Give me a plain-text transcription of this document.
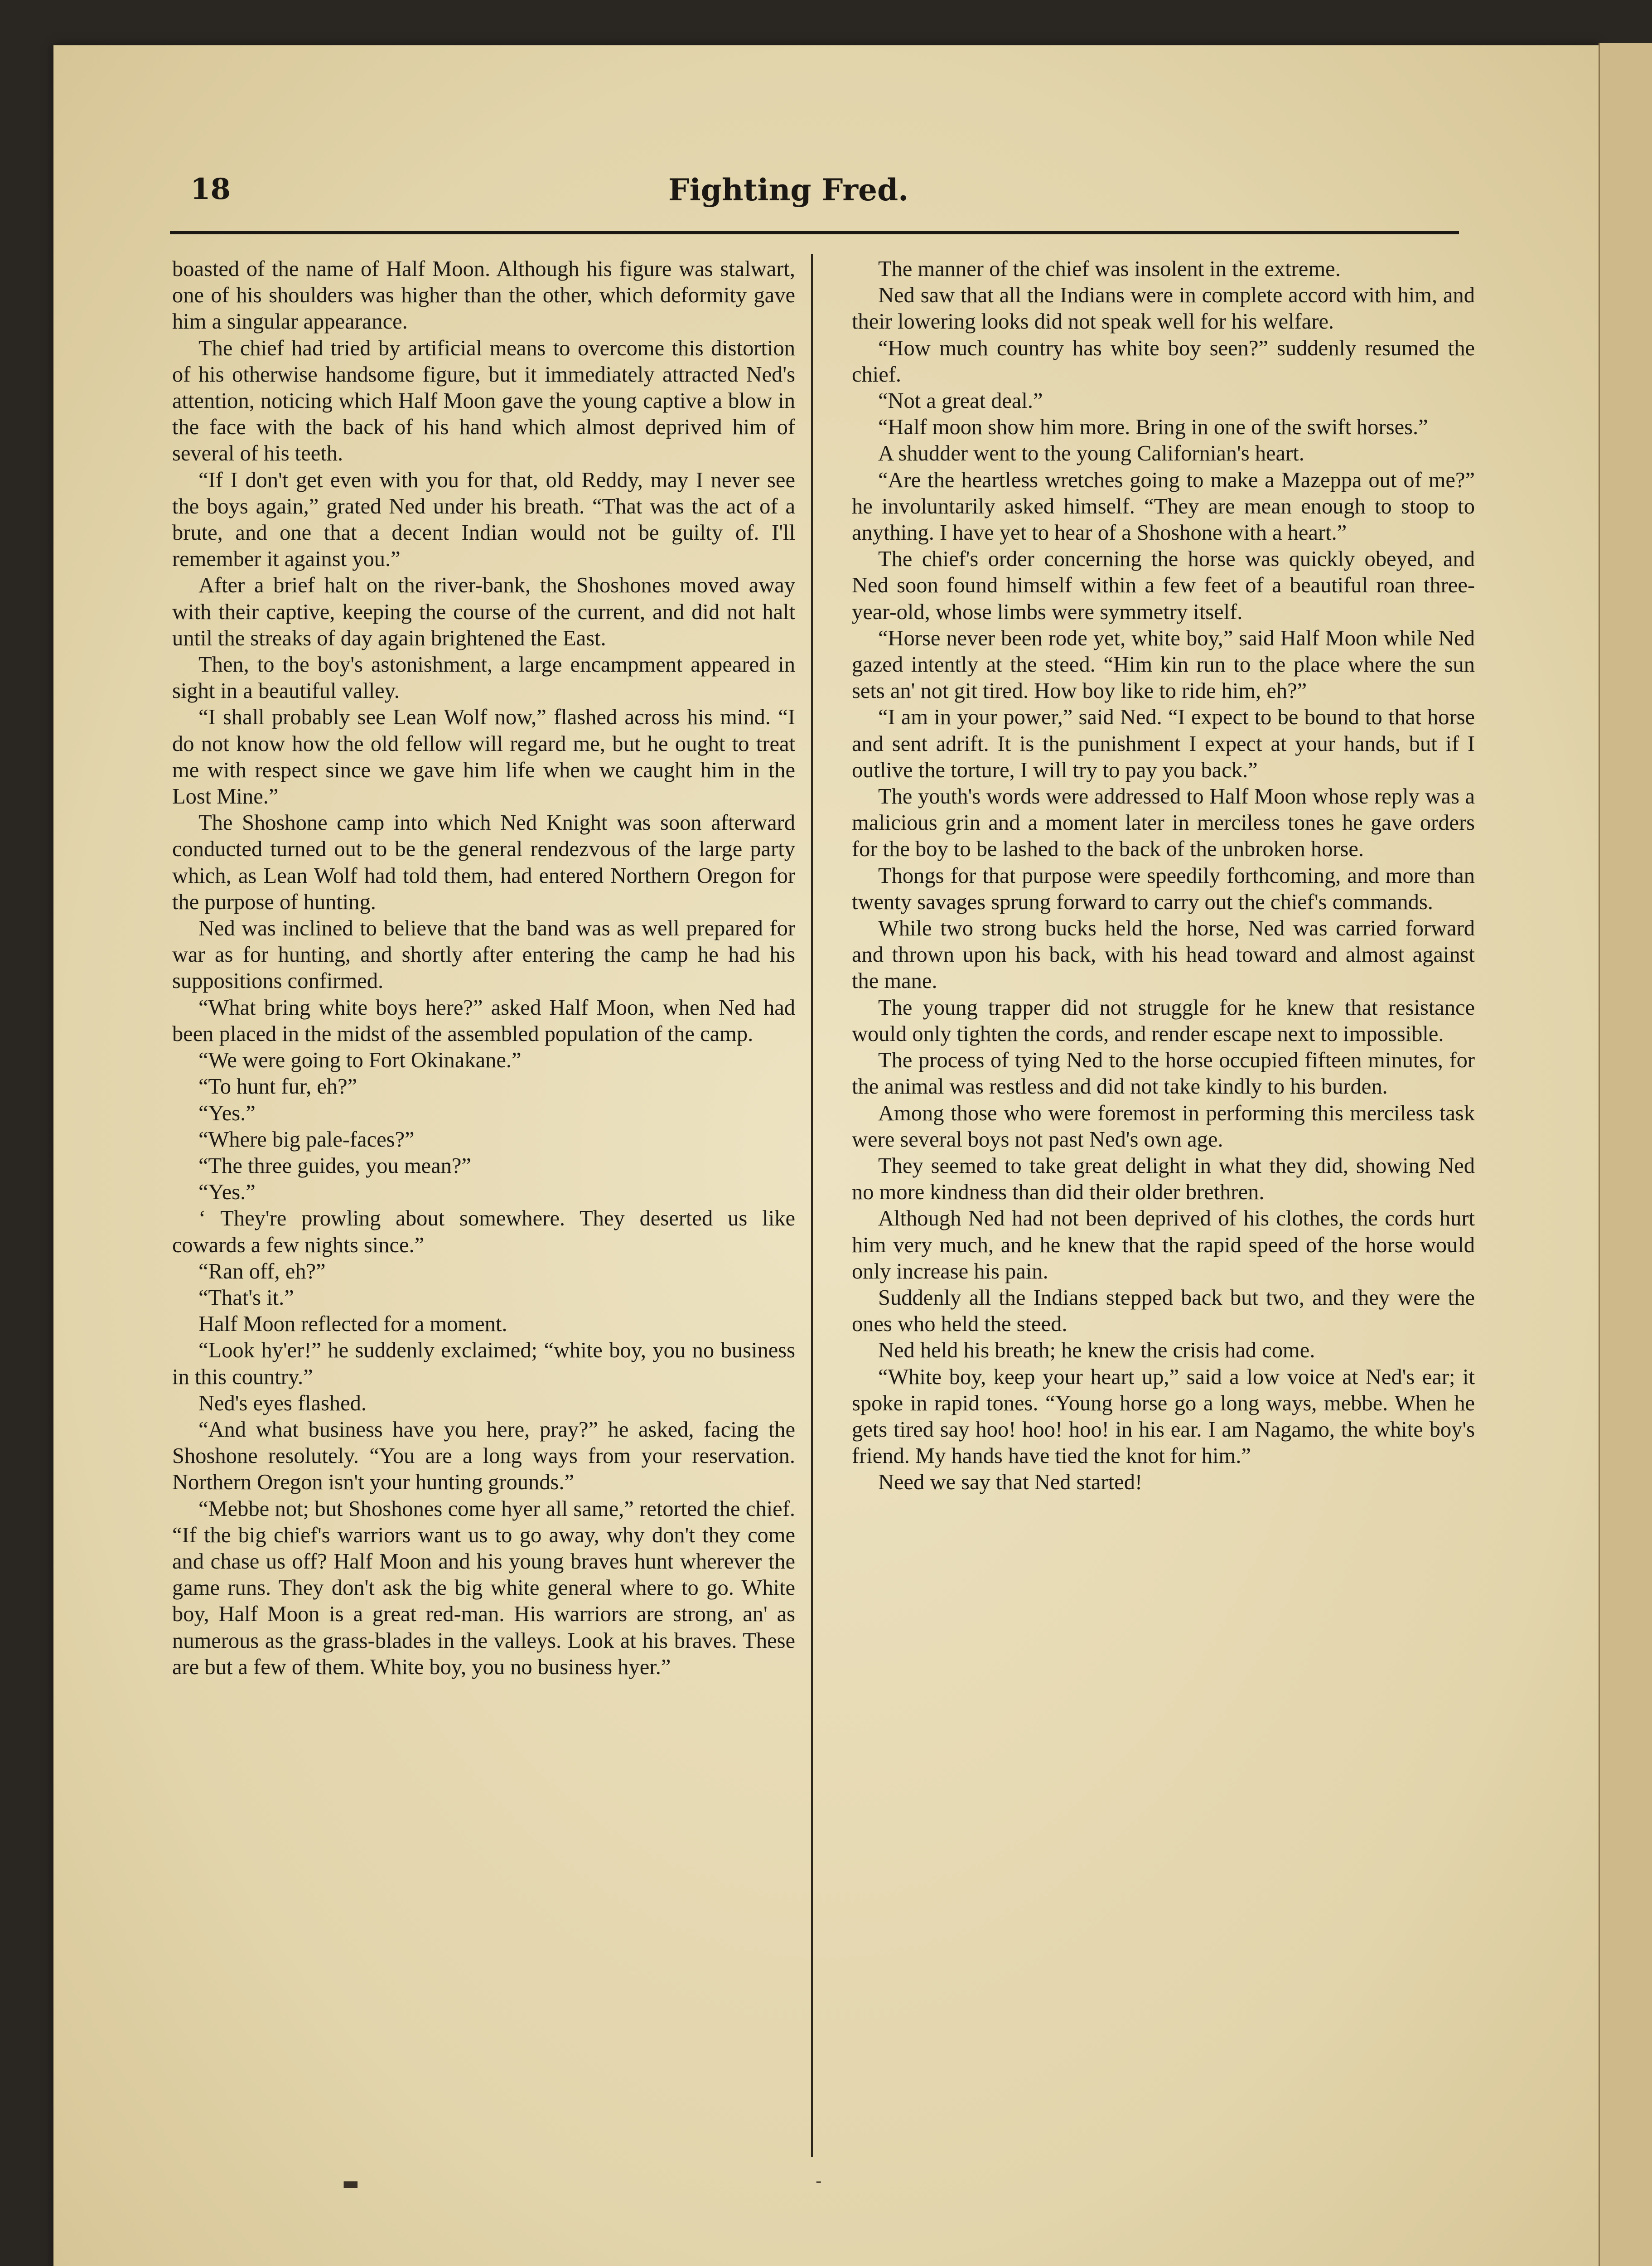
18	Fighting Fred.

boasted of the name of Half Moon. Although his figure was stalwart, one of his shoulders was higher than the other, which deformity gave him a singular appearance.

The chief had tried by artificial means to overcome this distortion of his otherwise handsome figure, but it immediately attracted Ned's attention, noticing which Half Moon gave the young captive a blow in the face with the back of his hand which almost deprived him of several of his teeth.

“If I don't get even with you for that, old Reddy, may I never see the boys again,” grated Ned under his breath. “That was the act of a brute, and one that a decent Indian would not be guilty of. I'll remember it against you.”

After a brief halt on the river-bank, the Shoshones moved away with their captive, keeping the course of the current, and did not halt until the streaks of day again brightened the East.

Then, to the boy's astonishment, a large encampment appeared in sight in a beautiful valley.

“I shall probably see Lean Wolf now,” flashed across his mind. “I do not know how the old fellow will regard me, but he ought to treat me with respect since we gave him life when we caught him in the Lost Mine.”

The Shoshone camp into which Ned Knight was soon afterward conducted turned out to be the general rendezvous of the large party which, as Lean Wolf had told them, had entered Northern Oregon for the purpose of hunting.

Ned was inclined to believe that the band was as well prepared for war as for hunting, and shortly after entering the camp he had his suppositions confirmed.

“What bring white boys here?” asked Half Moon, when Ned had been placed in the midst of the assembled population of the camp.

“We were going to Fort Okinakane.”

“To hunt fur, eh?”

“Yes.”

“Where big pale-faces?”

“The three guides, you mean?”

“Yes.”

‘ They're prowling about somewhere. They deserted us like cowards a few nights since.”

“Ran off, eh?”

“That's it.”

Half Moon reflected for a moment.

“Look hy'er!” he suddenly exclaimed; “white boy, you no business in this country.”

Ned's eyes flashed.

“And what business have you here, pray?” he asked, facing the Shoshone resolutely. “You are a long ways from your reservation. Northern Oregon isn't your hunting grounds.”

“Mebbe not; but Shoshones come hyer all same,” retorted the chief. “If the big chief's warriors want us to go away, why don't they come and chase us off? Half Moon and his young braves hunt wherever the game runs. They don't ask the big white general where to go. White boy, Half Moon is a great red-man. His warriors are strong, an' as numerous as the grass-blades in the valleys. Look at his braves. These are but a few of them. White boy, you no business hyer.”

The manner of the chief was insolent in the extreme.

Ned saw that all the Indians were in complete accord with him, and their lowering looks did not speak well for his welfare.

“How much country has white boy seen?” suddenly resumed the chief.

“Not a great deal.”

“Half moon show him more. Bring in one of the swift horses.”

A shudder went to the young Californian's heart.

“Are the heartless wretches going to make a Mazeppa out of me?” he involuntarily asked himself. “They are mean enough to stoop to anything. I have yet to hear of a Shoshone with a heart.”

The chief's order concerning the horse was quickly obeyed, and Ned soon found himself within a few feet of a beautiful roan three-year-old, whose limbs were symmetry itself.

“Horse never been rode yet, white boy,” said Half Moon while Ned gazed intently at the steed. “Him kin run to the place where the sun sets an' not git tired. How boy like to ride him, eh?”

“I am in your power,” said Ned. “I expect to be bound to that horse and sent adrift. It is the punishment I expect at your hands, but if I outlive the torture, I will try to pay you back.”

The youth's words were addressed to Half Moon whose reply was a malicious grin and a moment later in merciless tones he gave orders for the boy to be lashed to the back of the unbroken horse.

Thongs for that purpose were speedily forthcoming, and more than twenty savages sprung forward to carry out the chief's commands.

While two strong bucks held the horse, Ned was carried forward and thrown upon his back, with his head toward and almost against the mane.

The young trapper did not struggle for he knew that resistance would only tighten the cords, and render escape next to impossible.

The process of tying Ned to the horse occupied fifteen minutes, for the animal was restless and did not take kindly to his burden.

Among those who were foremost in performing this merciless task were several boys not past Ned's own age.

They seemed to take great delight in what they did, showing Ned no more kindness than did their older brethren.

Although Ned had not been deprived of his clothes, the cords hurt him very much, and he knew that the rapid speed of the horse would only increase his pain.

Suddenly all the Indians stepped back but two, and they were the ones who held the steed.

Ned held his breath; he knew the crisis had come.

“White boy, keep your heart up,” said a low voice at Ned's ear; it spoke in rapid tones. “Young horse go a long ways, mebbe. When he gets tired say hoo! hoo! hoo! in his ear. I am Nagamo, the white boy's friend. My hands have tied the knot for him.”

Need we say that Ned started!

▬	-
